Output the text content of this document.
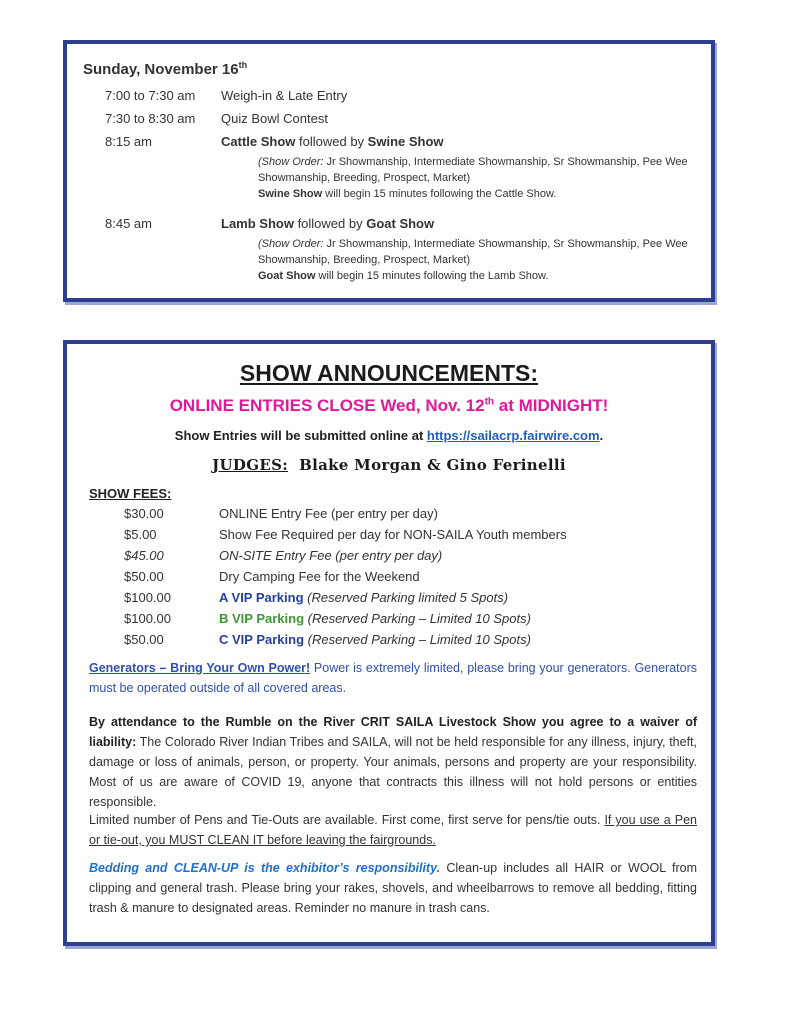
Sunday, November 16th
7:00 to 7:30 am Weigh-in & Late Entry
7:30 to 8:30 am Quiz Bowl Contest
8:15 am	Cattle Show followed by Swine Show
(Show Order: Jr Showmanship, Intermediate Showmanship, Sr Showmanship, Pee Wee Showmanship, Breeding, Prospect, Market)
Swine Show will begin 15 minutes following the Cattle Show.
8:45 am	Lamb Show followed by Goat Show
(Show Order: Jr Showmanship, Intermediate Showmanship, Sr Showmanship, Pee Wee Showmanship, Breeding, Prospect, Market)
Goat Show will begin 15 minutes following the Lamb Show.
SHOW ANNOUNCEMENTS:
ONLINE ENTRIES CLOSE Wed, Nov. 12th at MIDNIGHT!
Show Entries will be submitted online at https://sailacrp.fairwire.com.
JUDGES: Blake Morgan & Gino Ferinelli
SHOW FEES:
$30.00	ONLINE Entry Fee (per entry per day)
$5.00	Show Fee Required per day for NON-SAILA Youth members
$45.00	ON-SITE Entry Fee (per entry per day)
$50.00	Dry Camping Fee for the Weekend
$100.00	A VIP Parking (Reserved Parking limited 5 Spots)
$100.00	B VIP Parking (Reserved Parking – Limited 10 Spots)
$50.00	C VIP Parking (Reserved Parking – Limited 10 Spots)
Generators – Bring Your Own Power! Power is extremely limited, please bring your generators. Generators must be operated outside of all covered areas.
By attendance to the Rumble on the River CRIT SAILA Livestock Show you agree to a waiver of liability: The Colorado River Indian Tribes and SAILA, will not be held responsible for any illness, injury, theft, damage or loss of animals, person, or property. Your animals, persons and property are your responsibility. Most of us are aware of COVID 19, anyone that contracts this illness will not hold persons or entities responsible.
Limited number of Pens and Tie-Outs are available. First come, first serve for pens/tie outs. If you use a Pen or tie-out, you MUST CLEAN IT before leaving the fairgrounds.
Bedding and CLEAN-UP is the exhibitor’s responsibility. Clean-up includes all HAIR or WOOL from clipping and general trash. Please bring your rakes, shovels, and wheelbarrows to remove all bedding, fitting trash & manure to designated areas. Reminder no manure in trash cans.
